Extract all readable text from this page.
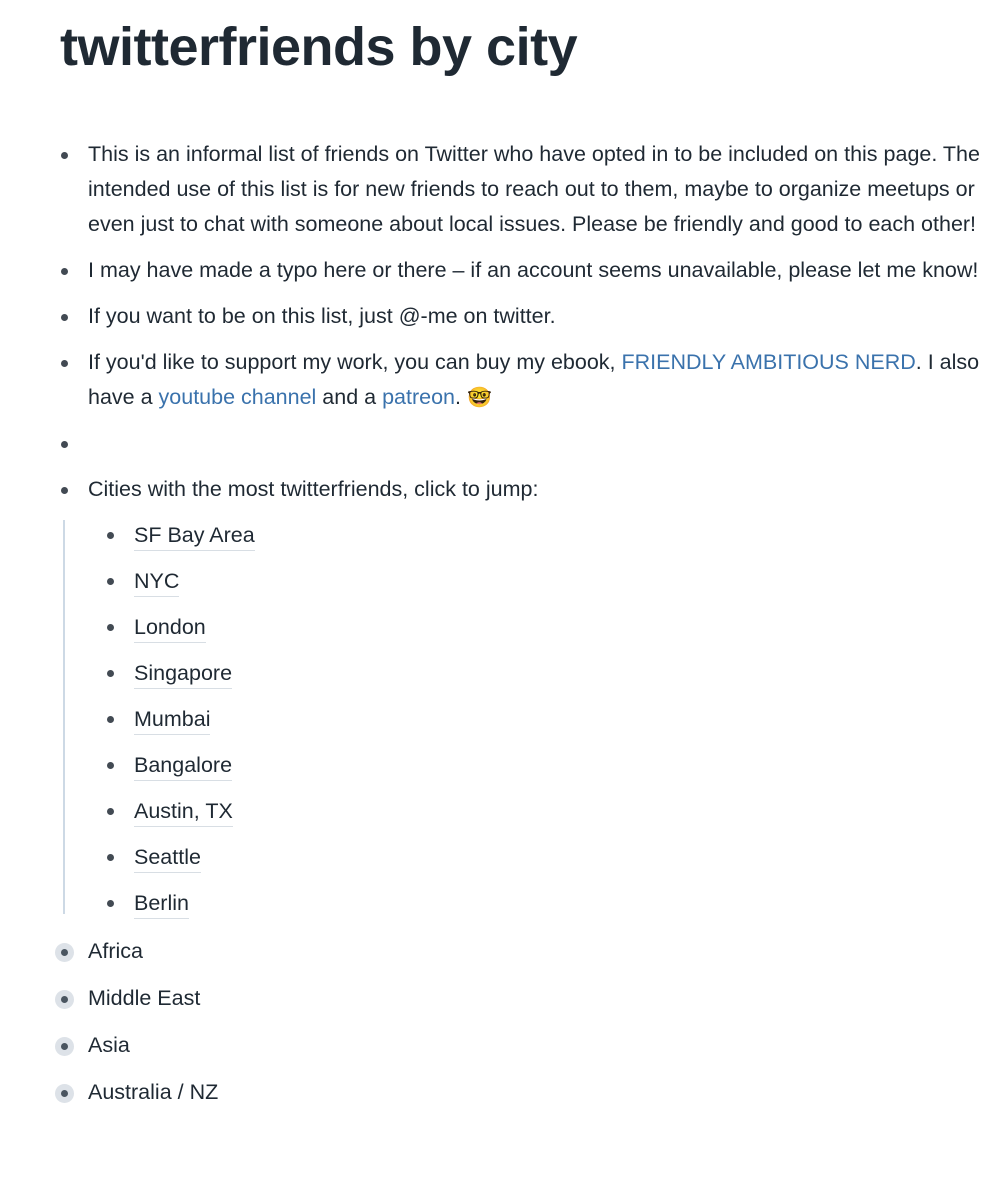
twitterfriends by city
This is an informal list of friends on Twitter who have opted in to be included on this page. The intended use of this list is for new friends to reach out to them, maybe to organize meetups or even just to chat with someone about local issues. Please be friendly and good to each other!
I may have made a typo here or there – if an account seems unavailable, please let me know!
If you want to be on this list, just @-me on twitter.
If you'd like to support my work, you can buy my ebook, FRIENDLY AMBITIOUS NERD. I also have a youtube channel and a patreon. 🤓
Cities with the most twitterfriends, click to jump:
SF Bay Area
NYC
London
Singapore
Mumbai
Bangalore
Austin, TX
Seattle
Berlin
Africa
Middle East
Asia
Australia / NZ
